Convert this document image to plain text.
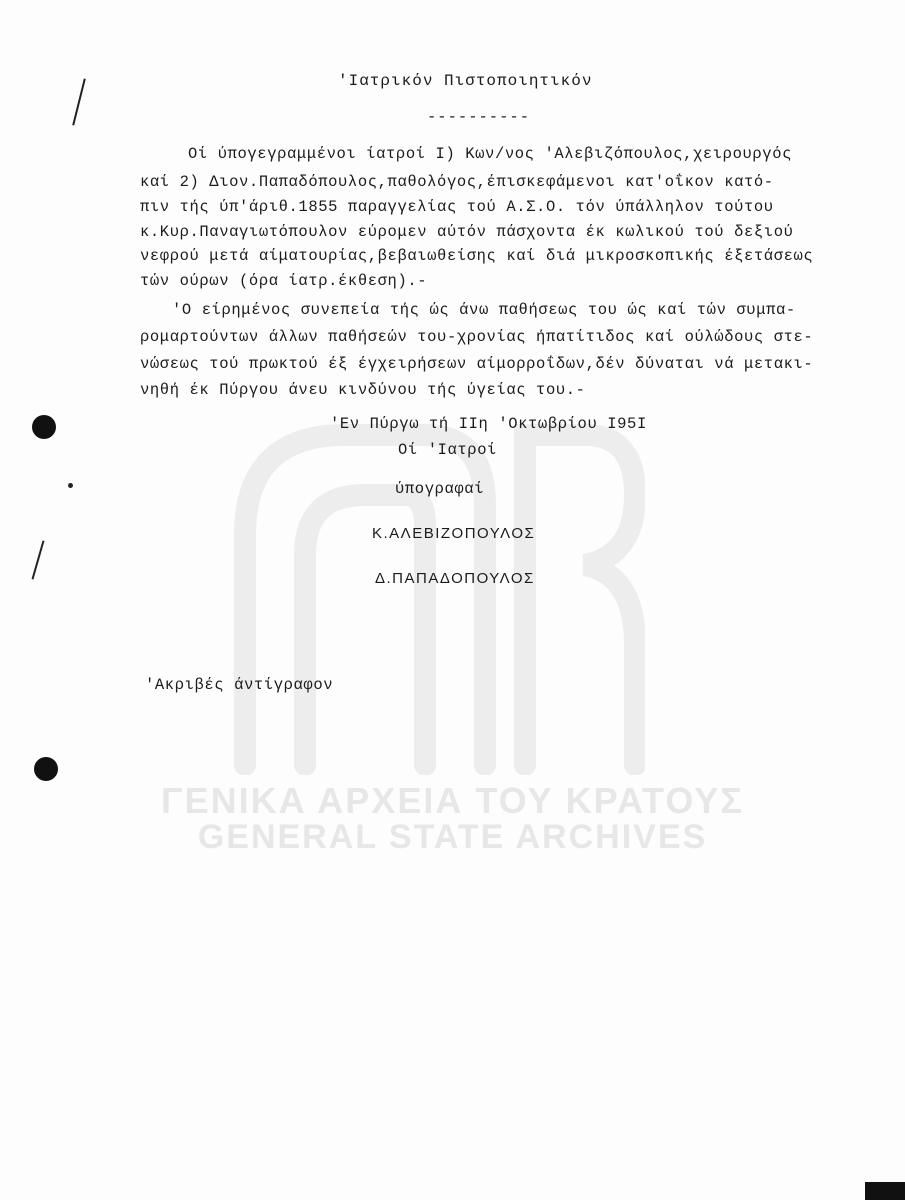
ΓΕΝΙΚΑ ΑΡΧΕΙΑ ΤΟΥ ΚΡΑΤΟΥΣ
GENERAL STATE ARCHIVES
'Ιατρικόν Πιστοποιητικόν
----------
Οί ύπογεγραμμένοι ίατροί Ι) Κων/νος 'Αλεβιζόπουλος,χειρουργός
καί 2) Διον.Παπαδόπουλος,παθολόγος,έπισκεφάμενοι κατ'οΐκον κατό-
πιν τής ύπ'άριθ.1855 παραγγελίας τού Α.Σ.Ο. τόν ύπάλληλον τούτου
κ.Κυρ.Παναγιωτόπουλον εύρομεν αύτόν πάσχοντα έκ κωλικού τού δεξιού
νεφρού μετά αίματουρίας,βεβαιωθείσης καί διά μικροσκοπικής έξετάσεως
τών ούρων (όρα ίατρ.έκθεση).-
'Ο είρημένος συνεπεία τής ώς άνω παθήσεως του ώς καί τών συμπα-
ρομαρτούντων άλλων παθήσεών του-χρονίας ήπατίτιδος καί ούλώδους στε-
νώσεως τού πρωκτού έξ έγχειρήσεων αίμορροΐδων,δέν δύναται νά μετακι-
νηθή έκ Πύργου άνευ κινδύνου τής ύγείας του.-
'Εν Πύργω τή ΙΙη 'Οκτωβρίου Ι95Ι
Οί 'Ιατροί
ύπογραφαί
Κ.ΑΛΕΒΙΖΟΠΟΥΛΟΣ
Δ.ΠΑΠΑΔΟΠΟΥΛΟΣ
'Ακριβές άντίγραφον
